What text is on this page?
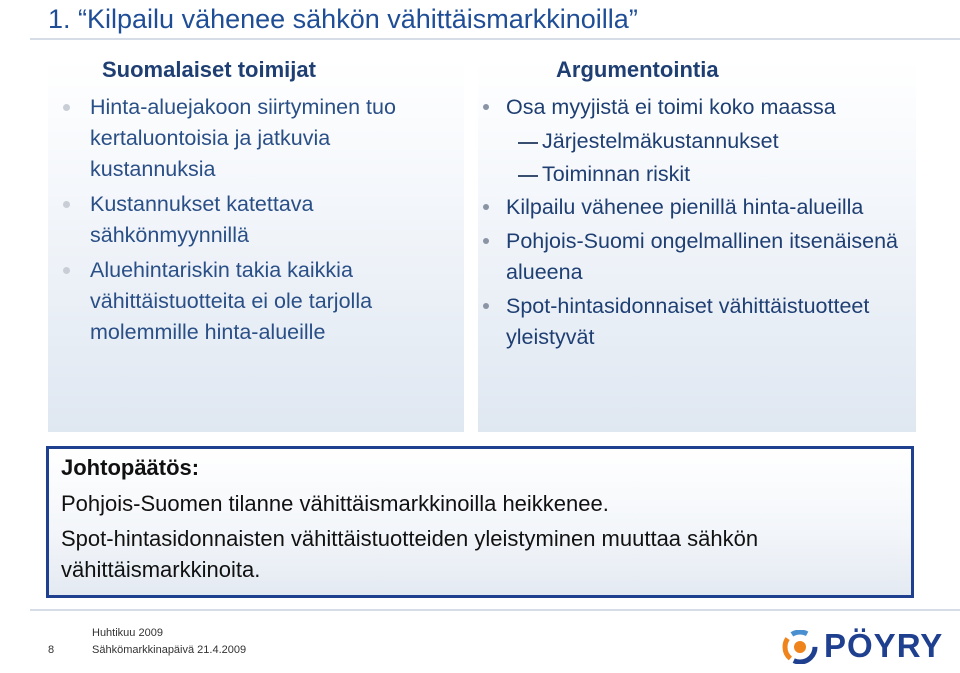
1. “Kilpailu vähenee sähkön vähittäismarkkinoilla”
Suomalaiset toimijat
Hinta-aluejakoon siirtyminen tuo kertaluontoisia ja jatkuvia kustannuksia
Kustannukset katettava sähkönmyynnillä
Aluehintariskin takia kaikkia vähittäistuotteita ei ole tarjolla molemmille hinta-alueille
Argumentointia
Osa myyjistä ei toimi koko maassa
Järjestelmäkustannukset
Toiminnan riskit
Kilpailu vähenee pienillä hinta-alueilla
Pohjois-Suomi ongelmallinen itsenäisenä alueena
Spot-hintasidonnaiset vähittäistuotteet yleistyvät
Johtopäätös:

Pohjois-Suomen tilanne vähittäismarkkinoilla heikkenee.

Spot-hintasidonnaisten vähittäistuotteiden yleistyminen muuttaa sähkön vähittäismarkkinoita.

8
Huhtikuu 2009
Sähkömarkkinapäivä 21.4.2009	PÖYRY
